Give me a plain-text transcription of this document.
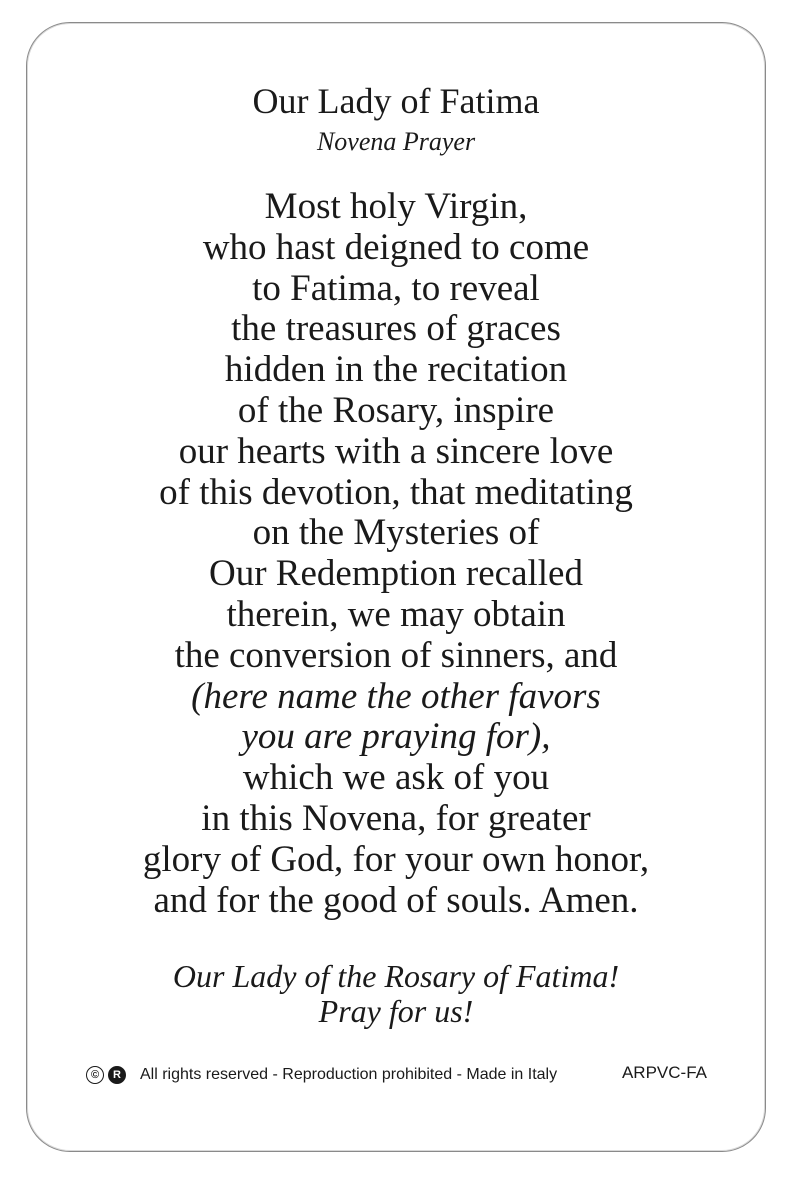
Our Lady of Fatima
Novena Prayer
Most holy Virgin,
who hast deigned to come
to Fatima, to reveal
the treasures of graces
hidden in the recitation
of the Rosary, inspire
our hearts with a sincere love
of this devotion, that meditating
on the Mysteries of
Our Redemption recalled
therein, we may obtain
the conversion of sinners, and
(here name the other favors
you are praying for),
which we ask of you
in this Novena, for greater
glory of God, for your own honor,
and for the good of souls. Amen.
Our Lady of the Rosary of Fatima!
Pray for us!
ARPVC-FA
©	R	All rights reserved - Reproduction prohibited - Made in Italy
